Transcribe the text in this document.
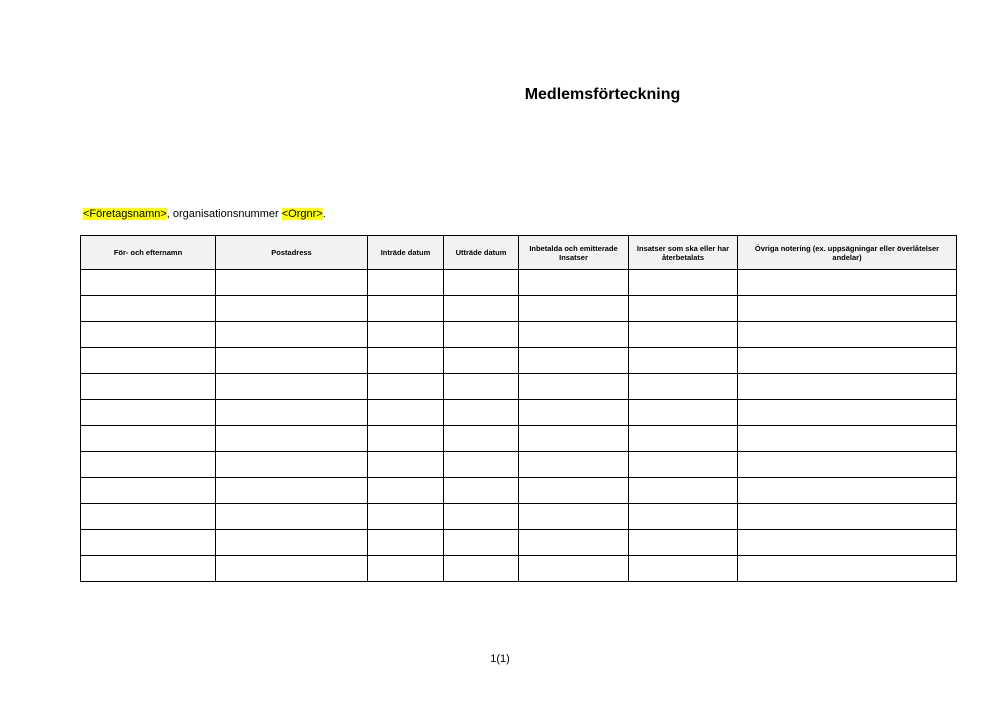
Medlemsförteckning
<Företagsnamn>, organisationsnummer <Orgnr>.
För- och efternamn	Postadress	Inträde datum	Utträde datum	Inbetalda och emitterade Insatser	Insatser som ska eller har återbetalats	Övriga notering (ex. uppsägningar eller överlåtelser andelar)

1(1)
